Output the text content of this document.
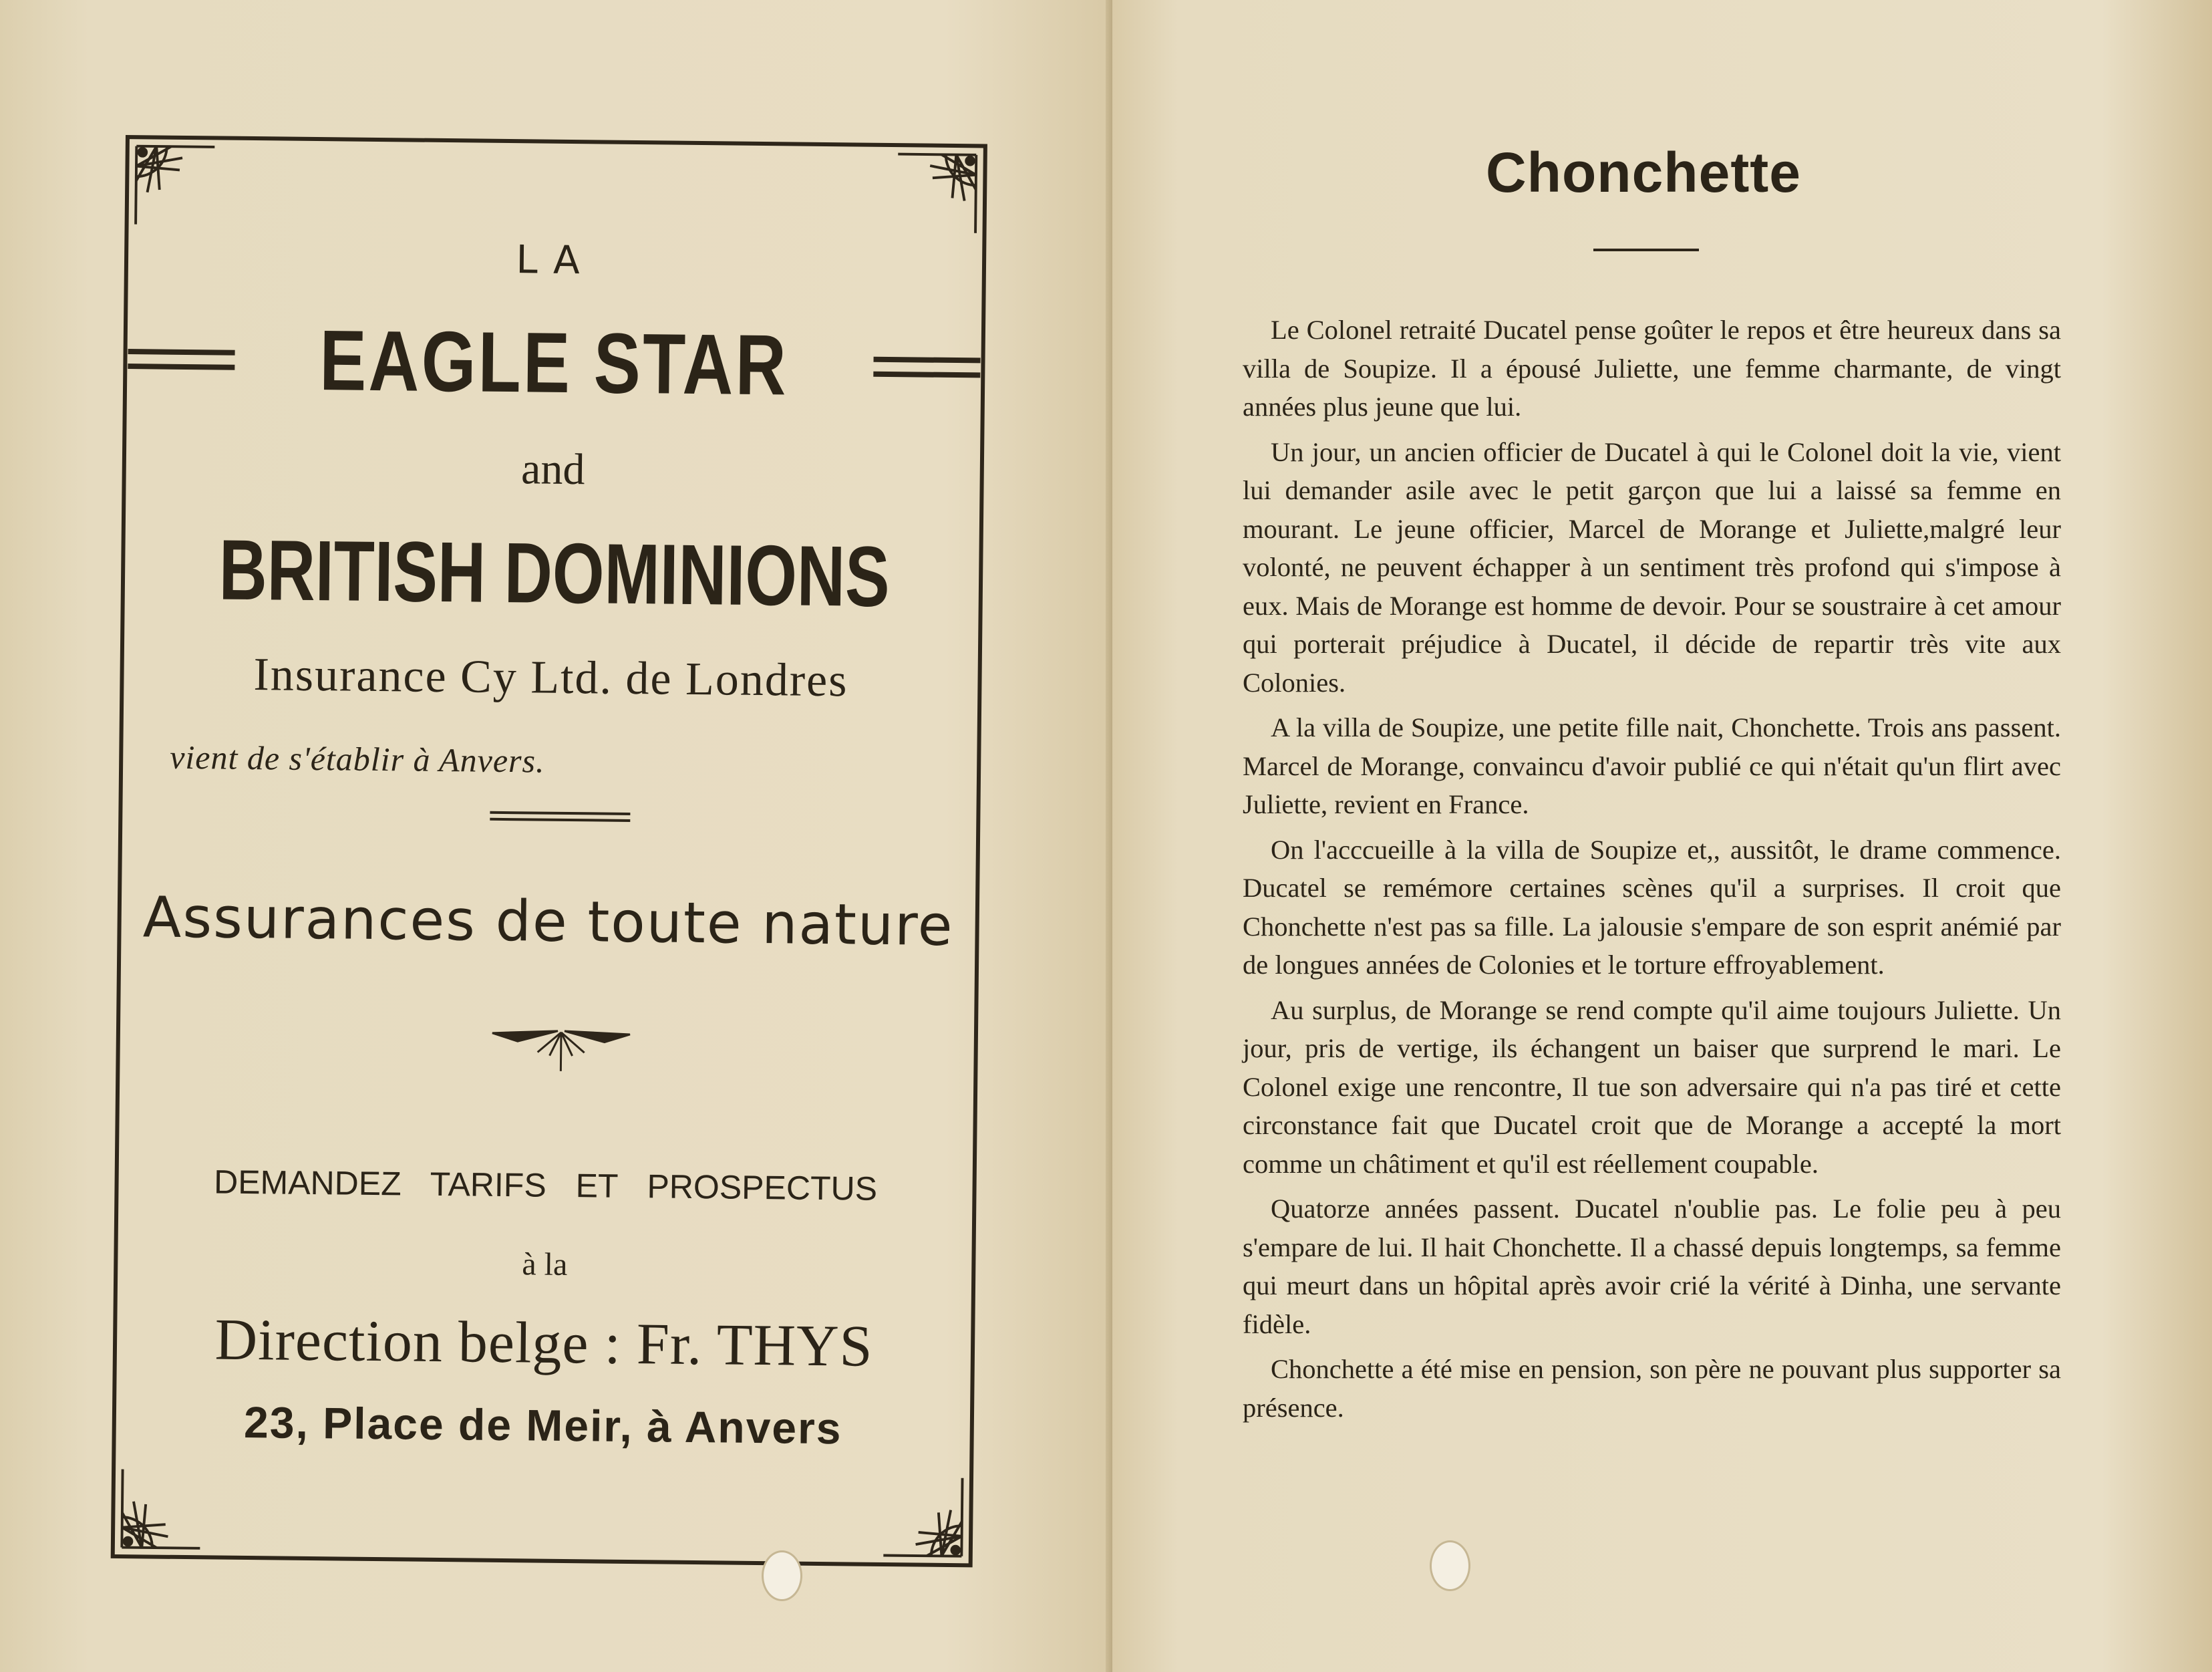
LA
EAGLE STAR
and
BRITISH DOMINIONS
Insurance Cy Ltd. de Londres
vient de s'établir à Anvers.
Assurances de toute nature
DEMANDEZ TARIFS ET PROSPECTUS
à la
Direction belge : Fr. THYS
23, Place de Meir, à Anvers
Chonchette

Le Colonel retraité Ducatel pense goûter le repos et être heureux dans sa villa de Soupize. Il a épousé Juliette, une femme charmante, de vingt années plus jeune que lui.

Un jour, un ancien officier de Ducatel à qui le Colonel doit la vie, vient lui demander asile avec le petit garçon que lui a laissé sa femme en mourant. Le jeune officier, Marcel de Morange et Juliette,malgré leur volonté, ne peuvent échapper à un sentiment très profond qui s'impose à eux. Mais de Morange est homme de devoir. Pour se soustraire à cet amour qui porterait préjudice à Ducatel, il décide de repartir très vite aux Colonies.

A la villa de Soupize, une petite fille nait, Chonchette. Trois ans passent. Marcel de Morange, convaincu d'avoir publié ce qui n'était qu'un flirt avec Juliette, revient en France.

On l'acccueille à la villa de Soupize et,, aussitôt, le drame commence. Ducatel se remémore certaines scènes qu'il a surprises. Il croit que Chonchette n'est pas sa fille. La jalousie s'empare de son esprit anémié par de longues années de Colonies et le torture effroyablement.

Au surplus, de Morange se rend compte qu'il aime toujours Juliette. Un jour, pris de vertige, ils échangent un baiser que surprend le mari. Le Colonel exige une rencontre, Il tue son adversaire qui n'a pas tiré et cette circonstance fait que Ducatel croit que de Morange a accepté la mort comme un châtiment et qu'il est réellement coupable.

Quatorze années passent. Ducatel n'oublie pas. Le folie peu à peu s'empare de lui. Il hait Chonchette. Il a chassé depuis longtemps, sa femme qui meurt dans un hôpital après avoir crié la vérité à Dinha, une servante fidèle.

Chonchette a été mise en pension, son père ne pouvant plus supporter sa présence.
